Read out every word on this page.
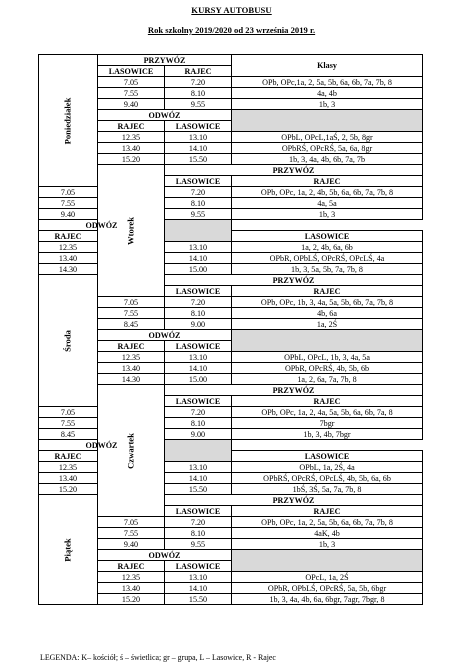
KURSY AUTOBUSU
Rok szkolny 2019/2020 od 23 września 2019 r.
Poniedziałek	PRZYWÓZ		Klasy	
	LASOWICE	RAJEC		
	7.05	7.20	OPb, OPc,1a, 2, 5a, 5b, 6a, 6b, 7a, 7b, 8	
	7.55	8.10	4a, 4b	
	9.40	9.55	1b, 3	
	ODWÓZ			
	RAJEC	LASOWICE		
	12.35	13.10	OPbL, OPcL,1aŚ, 2, 5b, 8gr	
	13.40	14.10	OPbRŚ, OPcRŚ, 5a, 6a, 8gr	
	15.20	15.50	1b, 3, 4a, 4b, 6b, 7a, 7b	

	Wtorek	PRZYWÓZ		
		LASOWICE	RAJEC	
7.05		7.20	OPb, OPc, 1a, 2, 4b, 5b, 6a, 6b, 7a, 7b, 8	
7.55		8.10	4a, 5a	
9.40		9.55	1b, 3	
ODWÓZ				
RAJEC			LASOWICE	
12.35		13.10	1a, 2, 4b, 6a, 6b	
13.40		14.10	OPbR, OPbLŚ, OPcRŚ, OPcLŚ, 4a	
14.30		15.00	1b, 3, 5a, 5b, 7a, 7b, 8	

Środa		PRZYWÓZ		
		LASOWICE	RAJEC	
	7.05	7.20	OPb, OPc, 1b, 3, 4a, 5a, 5b, 6b, 7a, 7b, 8	
	7.55	8.10	4b, 6a	
	8.45	9.00	1a, 2Ś	
	ODWÓZ			
	RAJEC	LASOWICE		
	12.35	13.10	OPbL, OPcL, 1b, 3, 4a, 5a	
	13.40	14.10	OPbR, OPcRŚ, 4b, 5b, 6b	
	14.30	15.00	1a, 2, 6a, 7a, 7b, 8	

	Czwartek	PRZYWÓZ		
		LASOWICE	RAJEC	
7.05		7.20	OPb, OPc, 1a, 2, 4a, 5a, 5b, 6a, 6b, 7a, 8	
7.55		8.10	7bgr	
8.45		9.00	1b, 3, 4b, 7bgr	
ODWÓZ				
RAJEC			LASOWICE	
12.35		13.10	OPbL, 1a, 2Ś, 4a	
13.40		14.10	OPbRŚ, OPcRŚ, OPcLŚ, 4b, 5b, 6a, 6b	
15.20		15.50	1bŚ, 3Ś, 5a, 7a, 7b, 8	

Piątek		PRZYWÓZ		
		LASOWICE	RAJEC	
	7.05	7.20	OPb, OPc, 1a, 2, 5a, 5b, 6a, 6b, 7a, 7b, 8	
	7.55	8.10	4aK, 4b	
	9.40	9.55	1b, 3	
	ODWÓZ			
	RAJEC	LASOWICE		
	12.35	13.10	OPcL, 1a, 2Ś	
	13.40	14.10	OPbR, OPbLŚ, OPcRŚ, 5a, 5b, 6bgr	
	15.20	15.50	1b, 3, 4a, 4b, 6a, 6bgr, 7agr, 7bgr, 8	
LEGENDA: K– kościół; ś – świetlica; gr – grupa, L – Lasowice, R - Rajec
